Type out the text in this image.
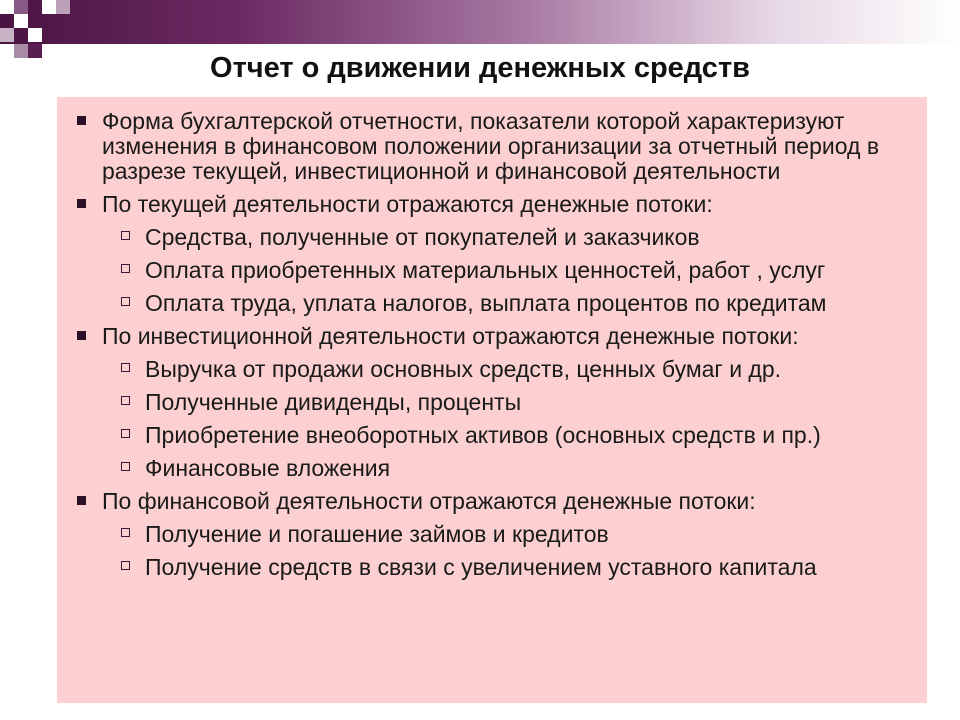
Отчет о движении денежных средств
Форма бухгалтерской отчетности, показатели которой характеризуют изменения в финансовом положении организации за отчетный период в разрезе текущей, инвестиционной и финансовой деятельности
По текущей деятельности отражаются денежные потоки:
Средства, полученные от покупателей и заказчиков
Оплата приобретенных материальных ценностей, работ , услуг
Оплата труда, уплата налогов, выплата процентов по кредитам
По инвестиционной деятельности отражаются денежные потоки:
Выручка от продажи основных средств, ценных бумаг и др.
Полученные дивиденды, проценты
Приобретение внеоборотных активов (основных средств и пр.)
Финансовые вложения
По финансовой деятельности отражаются денежные потоки:
Получение и погашение займов и кредитов
Получение средств в связи с увеличением уставного капитала
